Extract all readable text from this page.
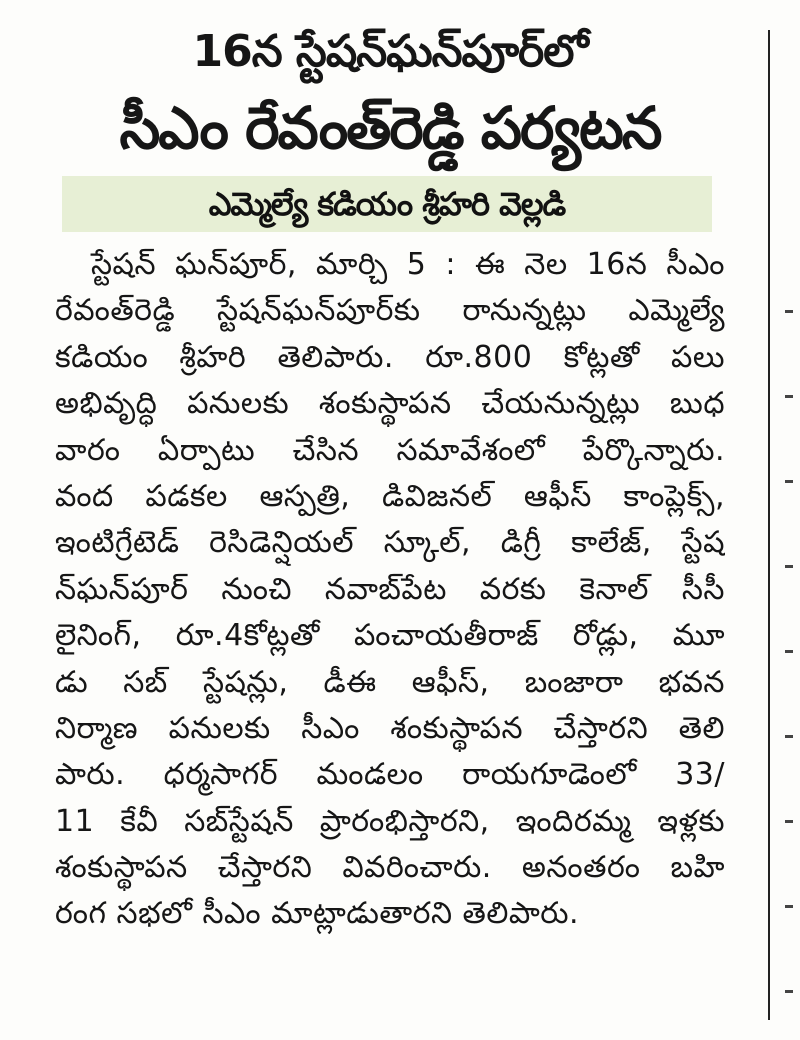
16న స్టేషన్‌ఘన్‌పూర్‌లో
సీఎం రేవంత్‌రెడ్డి పర్యటన
ఎమ్మెల్యే కడియం శ్రీహరి వెల్లడి
స్టేషన్ ఘన్‌పూర్, మార్చి 5 : ఈ నెల 16న సీఎం
రేవంత్‌రెడ్డి స్టేషన్‌ఘన్‌పూర్‌కు రానున్నట్లు ఎమ్మెల్యే
కడియం శ్రీహరి తెలిపారు. రూ.800 కోట్లతో పలు
అభివృద్ధి పనులకు శంకుస్థాపన చేయనున్నట్లు బుధ
వారం ఏర్పాటు చేసిన సమావేశంలో పేర్కొన్నారు.
వంద పడకల ఆస్పత్రి, డివిజనల్ ఆఫీస్ కాంప్లెక్స్,
ఇంటిగ్రేటెడ్ రెసిడెన్షియల్ స్కూల్, డిగ్రీ కాలేజ్, స్టేష
న్‌ఘన్‌పూర్ నుంచి నవాబ్‌పేట వరకు కెనాల్ సీసీ
లైనింగ్, రూ.4కోట్లతో పంచాయతీరాజ్ రోడ్లు, మూ
డు సబ్ స్టేషన్లు, డీఈ ఆఫీస్, బంజారా భవన
నిర్మాణ పనులకు సీఎం శంకుస్థాపన చేస్తారని తెలి
పారు. ధర్మసాగర్ మండలం రాయగూడెంలో 33/
11 కేవీ సబ్‌స్టేషన్ ప్రారంభిస్తారని, ఇందిరమ్మ ఇళ్లకు
శంకుస్థాపన చేస్తారని వివరించారు. అనంతరం బహి
రంగ సభలో సీఎం మాట్లాడుతారని తెలిపారు.
